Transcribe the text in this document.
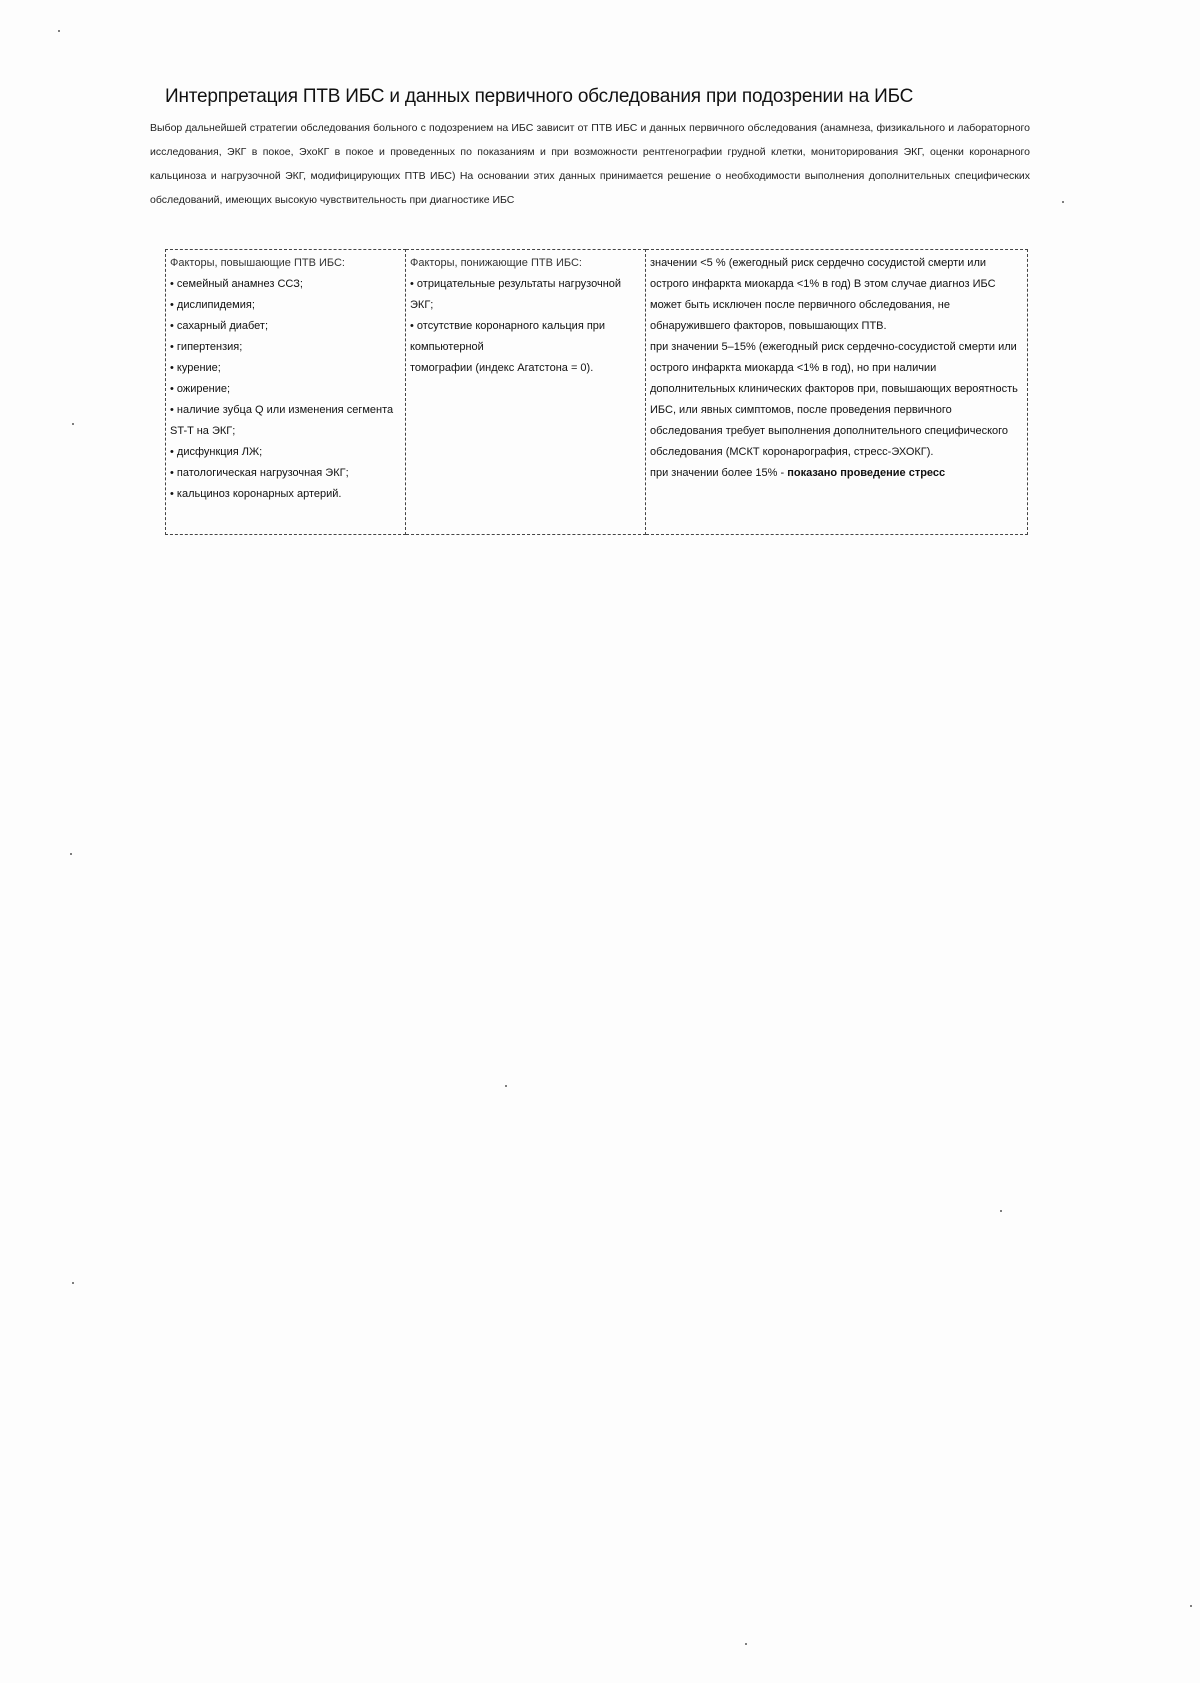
Интерпретация ПТВ ИБС и данных первичного обследования при подозрении на ИБС
Выбор дальнейшей стратегии обследования больного с подозрением на ИБС зависит от ПТВ ИБС и данных первичного обследования (анамнеза, физикального и лабораторного исследования, ЭКГ в покое, ЭхоКГ в покое и проведенных по показаниям и при возможности рентгенографии грудной клетки, мониторирования ЭКГ, оценки коронарного кальциноза и нагрузочной ЭКГ, модифицирующих ПТВ ИБС) На основании этих данных принимается решение о необходимости выполнения дополнительных специфических обследований, имеющих высокую чувствительность при диагностике ИБС
Факторы, повышающие ПТВ ИБС:
• семейный анамнез ССЗ;
• дислипидемия;
• сахарный диабет;
• гипертензия;
• курение;
• ожирение;
• наличие зубца Q или изменения сегмента ST-T на ЭКГ;
• дисфункция ЛЖ;
• патологическая нагрузочная ЭКГ;
• кальциноз коронарных артерий.

Факторы, понижающие ПТВ ИБС:
• отрицательные результаты нагрузочной
ЭКГ;
• отсутствие коронарного кальция при компьютерной
томографии (индекс Агатстона = 0).

значении <5 % (ежегодный риск сердечно сосудистой смерти или острого инфаркта миокарда <1% в год) В этом случае диагноз ИБС может быть исключен после первичного обследования, не обнаружившего факторов, повышающих ПТВ.
при значении 5–15% (ежегодный риск сердечно-сосудистой смерти или острого инфаркта миокарда <1% в год), но при наличии дополнительных клинических факторов при, повышающих вероятность ИБС, или явных симптомов, после проведения первичного обследования требует выполнения дополнительного специфического обследования (МСКТ коронарография, стресс-ЭХОКГ).
при значении более 15% - показано проведение стресс
